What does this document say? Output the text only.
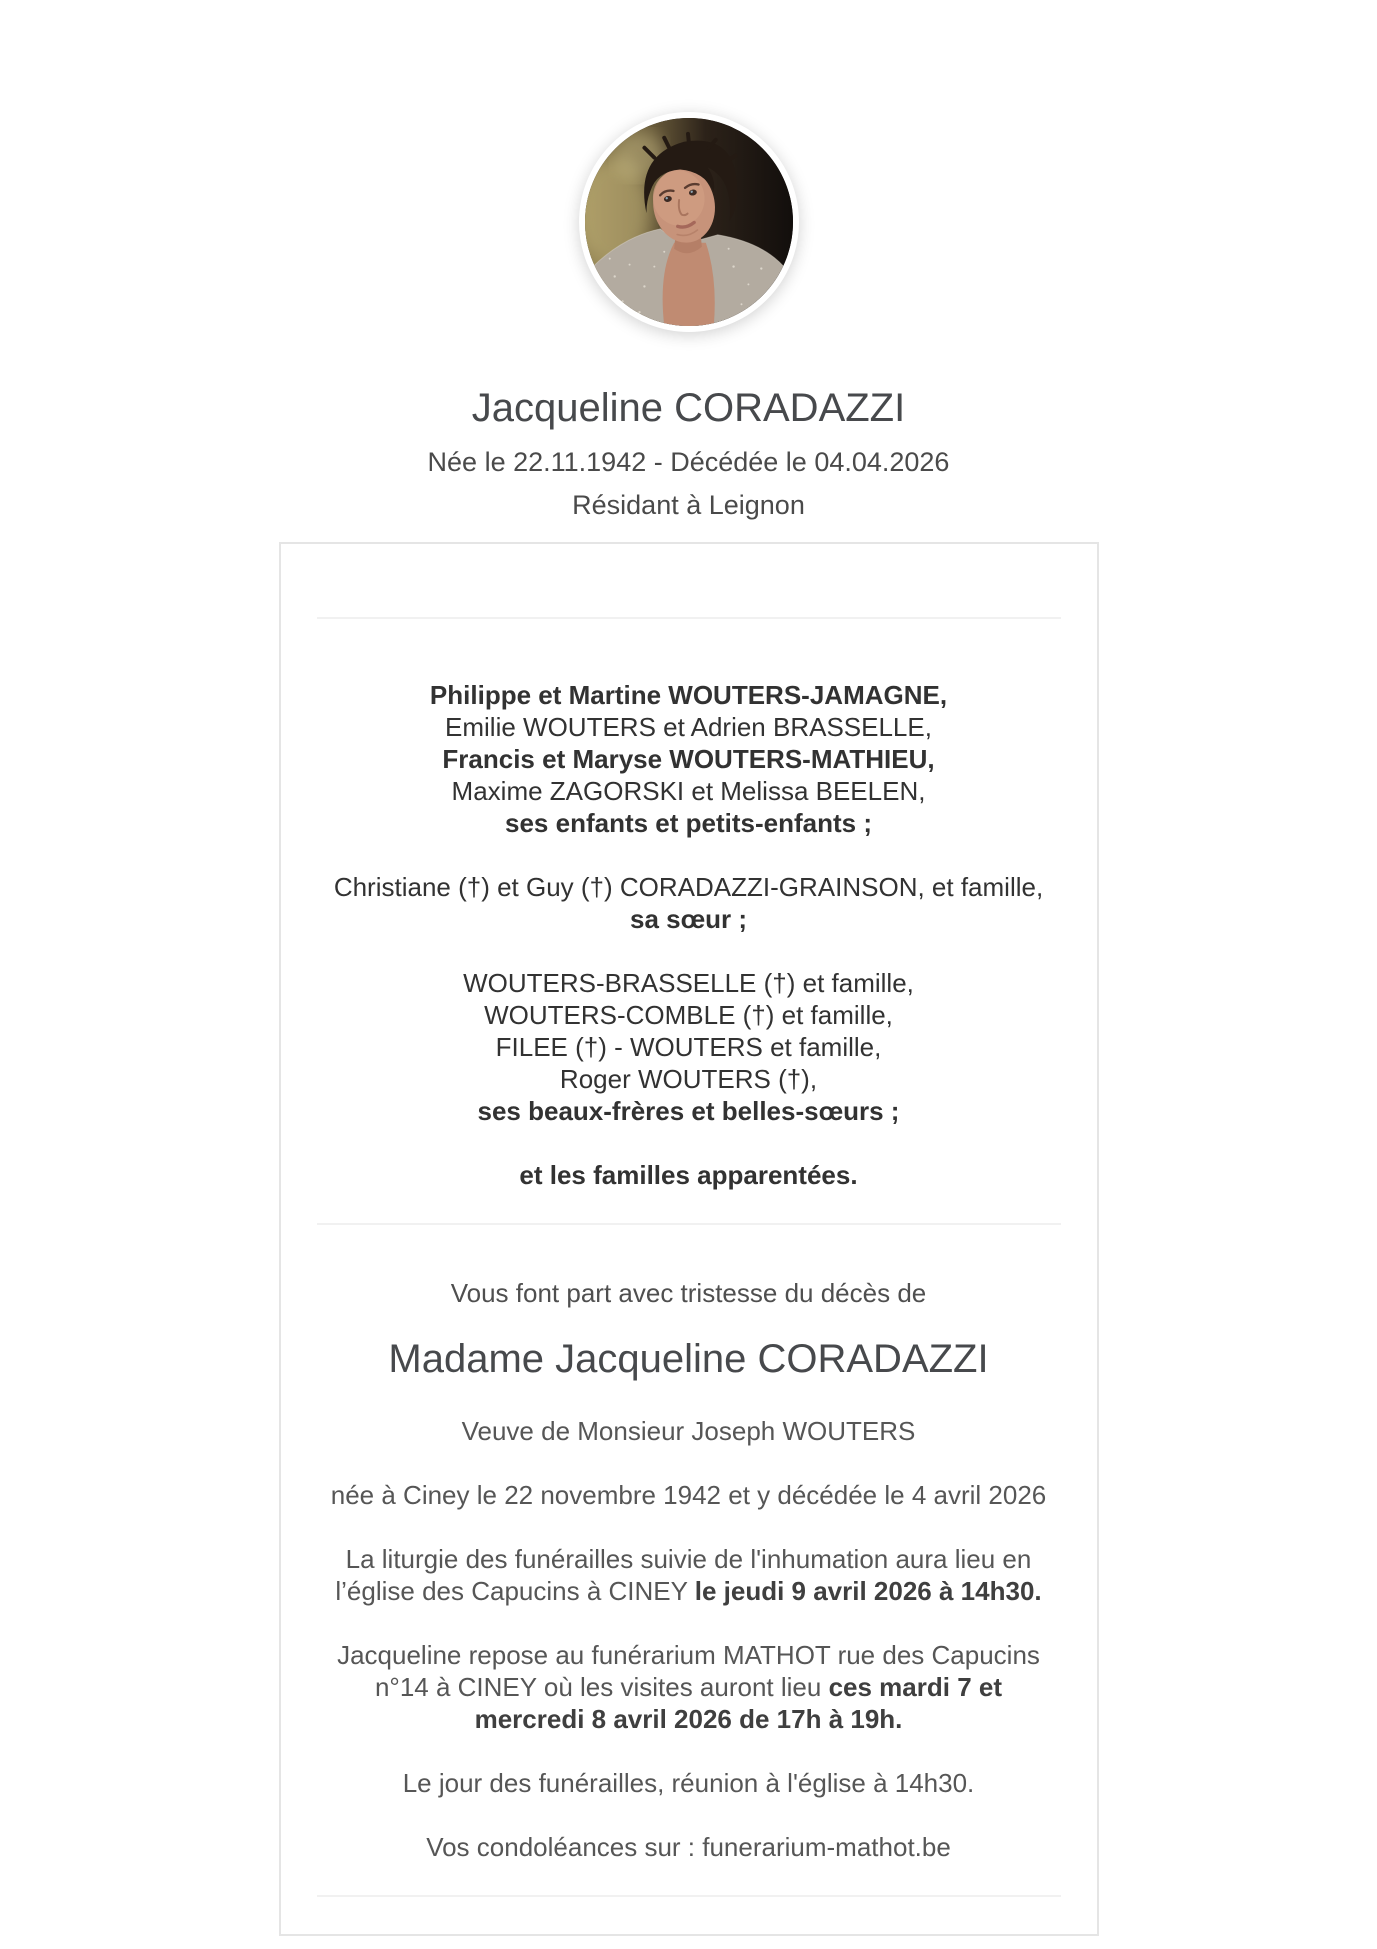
Jacqueline CORADAZZI
Née le 22.11.1942 - Décédée le 04.04.2026
Résidant à Leignon
Philippe et Martine WOUTERS-JAMAGNE,
Emilie WOUTERS et Adrien BRASSELLE,
Francis et Maryse WOUTERS-MATHIEU,
Maxime ZAGORSKI et Melissa BEELEN,
ses enfants et petits-enfants ;
Christiane (†) et Guy (†) CORADAZZI-GRAINSON, et famille,
sa sœur ;
WOUTERS-BRASSELLE (†) et famille,
WOUTERS-COMBLE (†) et famille,
FILEE (†) - WOUTERS et famille,
Roger WOUTERS (†),
ses beaux-frères et belles-sœurs ;
et les familles apparentées.

Vous font part avec tristesse du décès de

Madame Jacqueline CORADAZZI

Veuve de Monsieur Joseph WOUTERS

née à Ciney le 22 novembre 1942 et y décédée le 4 avril 2026

La liturgie des funérailles suivie de l'inhumation aura lieu en l’église des Capucins à CINEY le jeudi 9 avril 2026 à 14h30.

Jacqueline repose au funérarium MATHOT rue des Capucins n°14 à CINEY où les visites auront lieu ces mardi 7 et mercredi 8 avril 2026 de 17h à 19h.

Le jour des funérailles, réunion à l'église à 14h30.

Vos condoléances sur : funerarium-mathot.be
